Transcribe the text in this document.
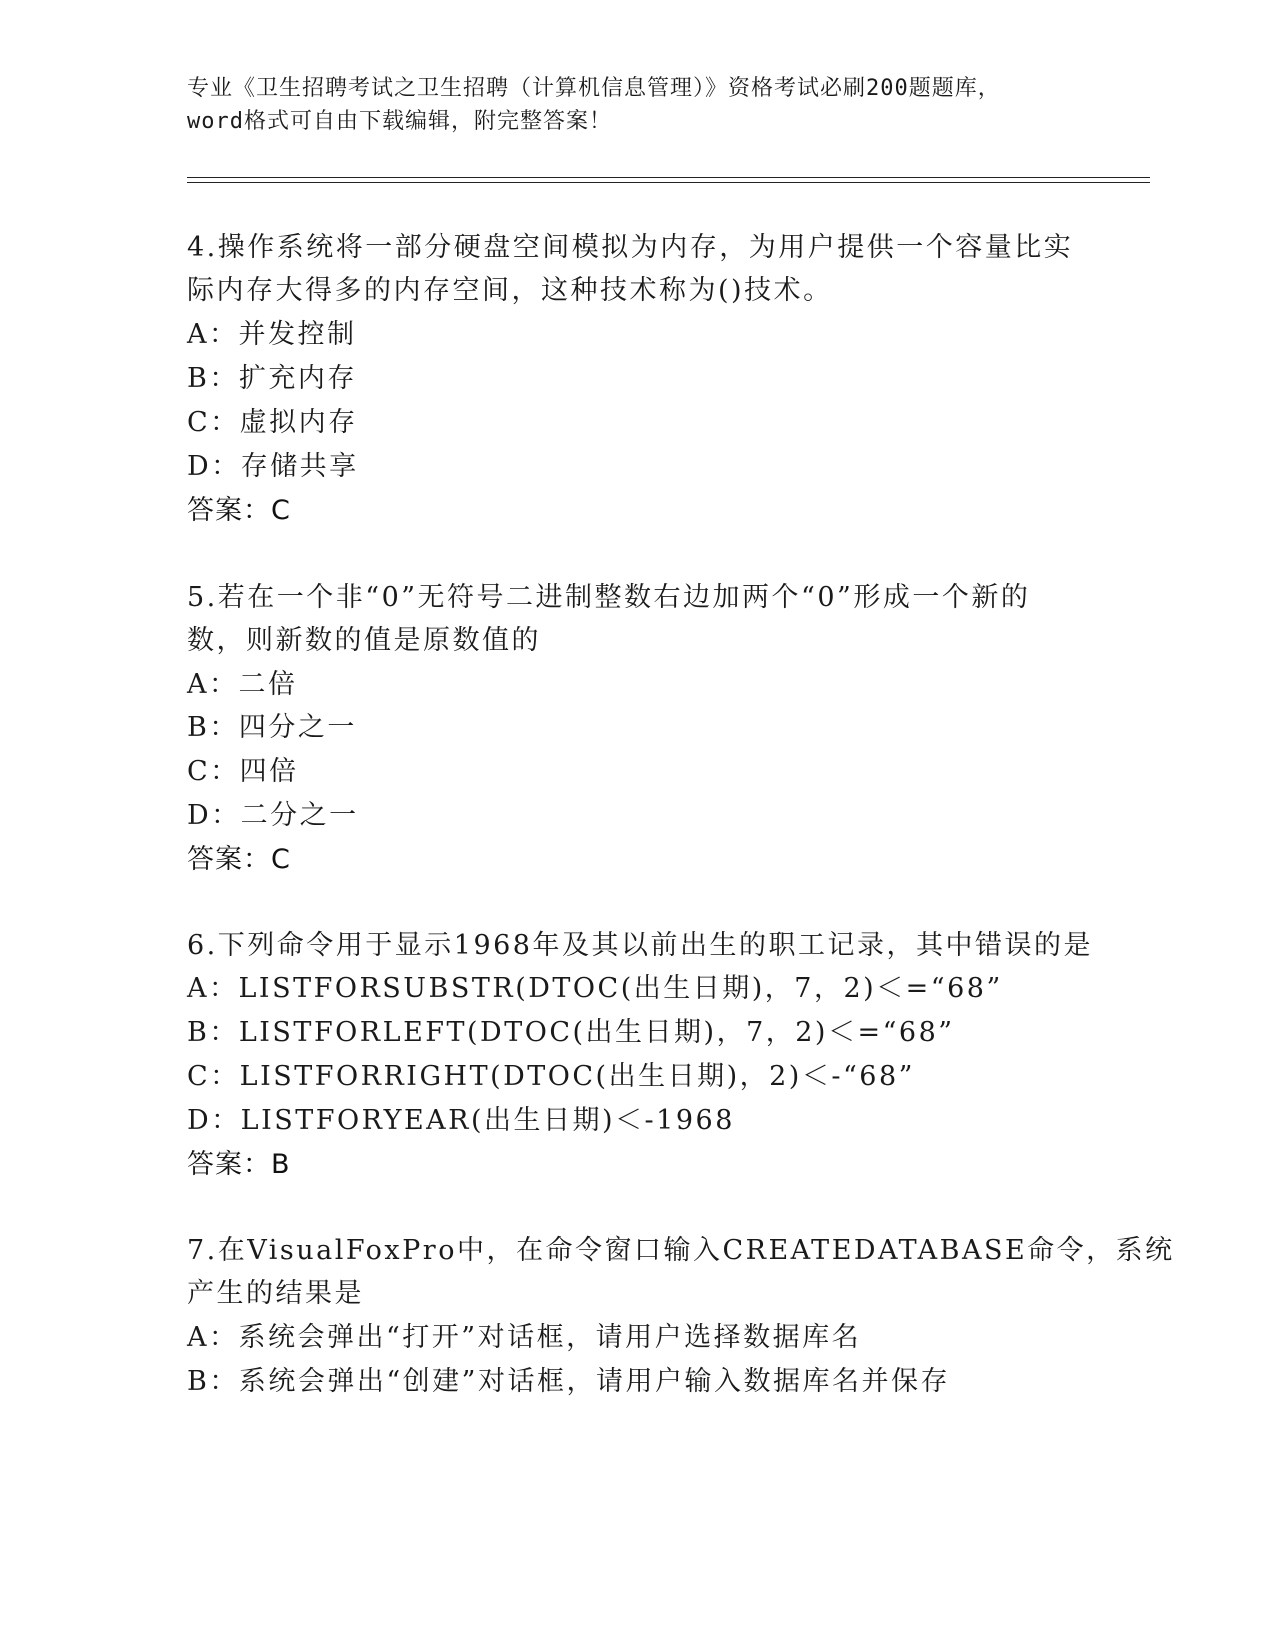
专业《卫生招聘考试之卫生招聘（计算机信息管理）》资格考试必刷200题题库，
word格式可自由下载编辑，附完整答案！
4.操作系统将一部分硬盘空间模拟为内存，为用户提供一个容量比实
际内存大得多的内存空间，这种技术称为()技术。
A：并发控制
B：扩充内存
C：虚拟内存
D：存储共享
答案：C
5.若在一个非“0”无符号二进制整数右边加两个“0”形成一个新的
数，则新数的值是原数值的
A：二倍
B：四分之一
C：四倍
D：二分之一
答案：C
6.下列命令用于显示1968年及其以前出生的职工记录，其中错误的是
A：LISTFORSUBSTR(DTOC(出生日期)，7，2)＜=“68”
B：LISTFORLEFT(DTOC(出生日期)，7，2)＜=“68”
C：LISTFORRIGHT(DTOC(出生日期)，2)＜-“68”
D：LISTFORYEAR(出生日期)＜-1968
答案：B
7.在VisualFoxPro中，在命令窗口输入CREATEDATABASE命令，系统
产生的结果是
A：系统会弹出“打开”对话框，请用户选择数据库名
B：系统会弹出“创建”对话框，请用户输入数据库名并保存
